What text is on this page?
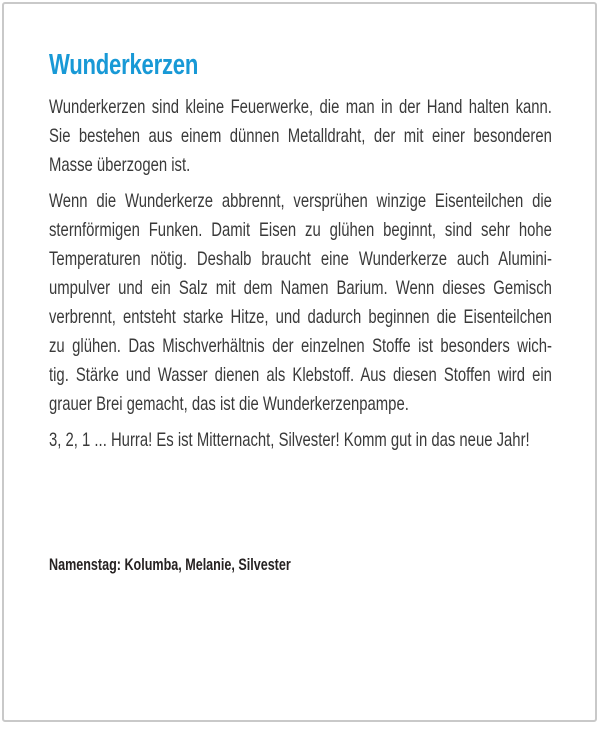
Wunderkerzen
Wunderkerzen sind kleine Feuerwerke, die man in der Hand halten kann.
Sie bestehen aus einem dünnen Metalldraht, der mit einer besonderen
Masse überzogen ist.
Wenn die Wunderkerze abbrennt, versprühen winzige Eisenteilchen die
sternförmigen Funken. Damit Eisen zu glühen beginnt, sind sehr hohe
Temperaturen nötig. Deshalb braucht eine Wunderkerze auch Alumini-
umpulver und ein Salz mit dem Namen Barium. Wenn dieses Gemisch
verbrennt, entsteht starke Hitze, und dadurch beginnen die Eisenteilchen
zu glühen. Das Mischverhältnis der einzelnen Stoffe ist besonders wich-
tig. Stärke und Wasser dienen als Klebstoff. Aus diesen Stoffen wird ein
grauer Brei gemacht, das ist die Wunderkerzenpampe.
3, 2, 1 ... Hurra! Es ist Mitternacht, Silvester! Komm gut in das neue Jahr!
Namenstag: Kolumba, Melanie, Silvester
